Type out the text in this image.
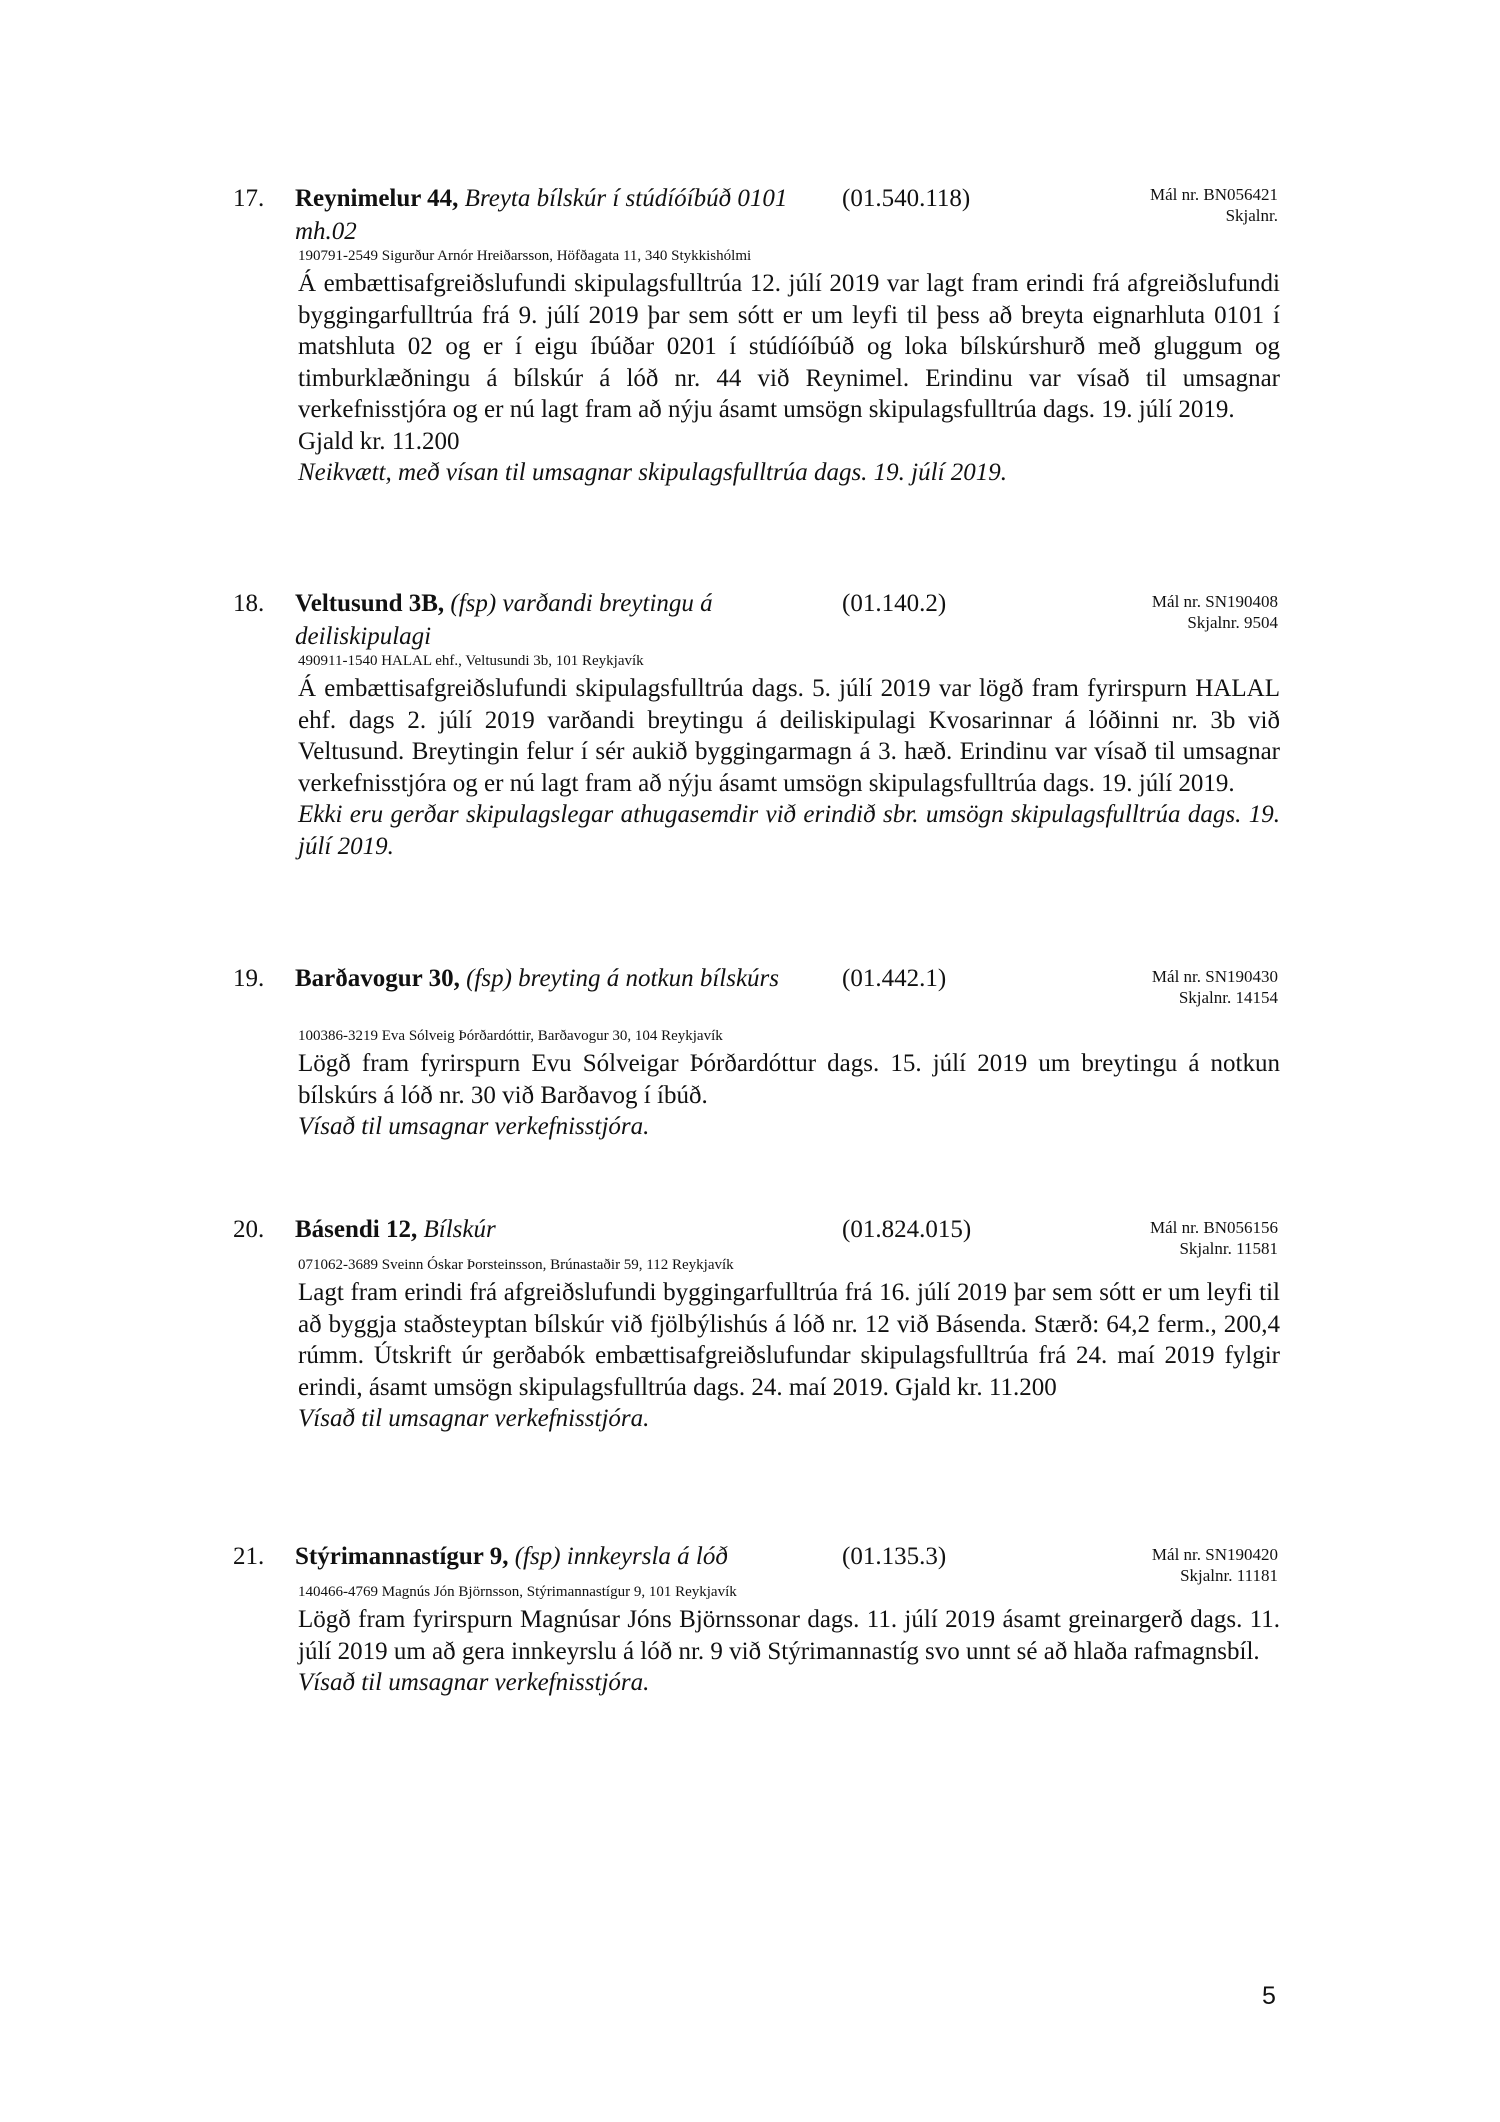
17. Reynimelur 44, Breyta bílskúr í stúdíóíbúð 0101 mh.02
(01.540.118)	Mál nr. BN056421
Skjalnr.
190791-2549 Sigurður Arnór Hreiðarsson, Höfðagata 11, 340 Stykkishólmi

Á embættisafgreiðslufundi skipulagsfulltrúa 12. júlí 2019 var lagt fram erindi frá afgreiðslufundi byggingarfulltrúa frá 9. júlí 2019 þar sem sótt er um leyfi til þess að breyta eignarhluta 0101 í matshluta 02 og er í eigu íbúðar 0201 í stúdíóíbúð og loka bílskúrshurð með gluggum og timburklæðningu á bílskúr á lóð nr. 44 við Reynimel. Erindinu var vísað til umsagnar verkefnisstjóra og er nú lagt fram að nýju ásamt umsögn skipulagsfulltrúa dags. 19. júlí 2019.

Gjald kr. 11.200

Neikvætt, með vísan til umsagnar skipulagsfulltrúa dags. 19. júlí 2019.

18. Veltusund 3B, (fsp) varðandi breytingu á deiliskipulagi
(01.140.2)	Mál nr. SN190408
Skjalnr. 9504
490911-1540 HALAL ehf., Veltusundi 3b, 101 Reykjavík

Á embættisafgreiðslufundi skipulagsfulltrúa dags. 5. júlí 2019 var lögð fram fyrirspurn HALAL ehf. dags 2. júlí 2019 varðandi breytingu á deiliskipulagi Kvosarinnar á lóðinni nr. 3b við Veltusund. Breytingin felur í sér aukið byggingarmagn á 3. hæð. Erindinu var vísað til umsagnar verkefnisstjóra og er nú lagt fram að nýju ásamt umsögn skipulagsfulltrúa dags. 19. júlí 2019.

Ekki eru gerðar skipulagslegar athugasemdir við erindið sbr. umsögn skipulagsfulltrúa dags. 19. júlí 2019.

19. Barðavogur 30, (fsp) breyting á notkun bílskúrs	(01.442.1)	Mál nr. SN190430
Skjalnr. 14154
100386-3219 Eva Sólveig Þórðardóttir, Barðavogur 30, 104 Reykjavík

Lögð fram fyrirspurn Evu Sólveigar Þórðardóttur dags. 15. júlí 2019 um breytingu á notkun bílskúrs á lóð nr. 30 við Barðavog í íbúð.

Vísað til umsagnar verkefnisstjóra.

20. Básendi 12, Bílskúr	(01.824.015)	Mál nr. BN056156
Skjalnr. 11581
071062-3689 Sveinn Óskar Þorsteinsson, Brúnastaðir 59, 112 Reykjavík

Lagt fram erindi frá afgreiðslufundi byggingarfulltrúa frá 16. júlí 2019 þar sem sótt er um leyfi til að byggja staðsteyptan bílskúr við fjölbýlishús á lóð nr. 12 við Básenda. Stærð: 64,2 ferm., 200,4 rúmm. Útskrift úr gerðabók embættisafgreiðslufundar skipulagsfulltrúa frá 24. maí 2019 fylgir erindi, ásamt umsögn skipulagsfulltrúa dags. 24. maí 2019. Gjald kr. 11.200

Vísað til umsagnar verkefnisstjóra.

21. Stýrimannastígur 9, (fsp) innkeyrsla á lóð	(01.135.3)	Mál nr. SN190420
Skjalnr. 11181
140466-4769 Magnús Jón Björnsson, Stýrimannastígur 9, 101 Reykjavík

Lögð fram fyrirspurn Magnúsar Jóns Björnssonar dags. 11. júlí 2019 ásamt greinargerð dags. 11. júlí 2019 um að gera innkeyrslu á lóð nr. 9 við Stýrimannastíg svo unnt sé að hlaða rafmagnsbíl.

Vísað til umsagnar verkefnisstjóra.

5
